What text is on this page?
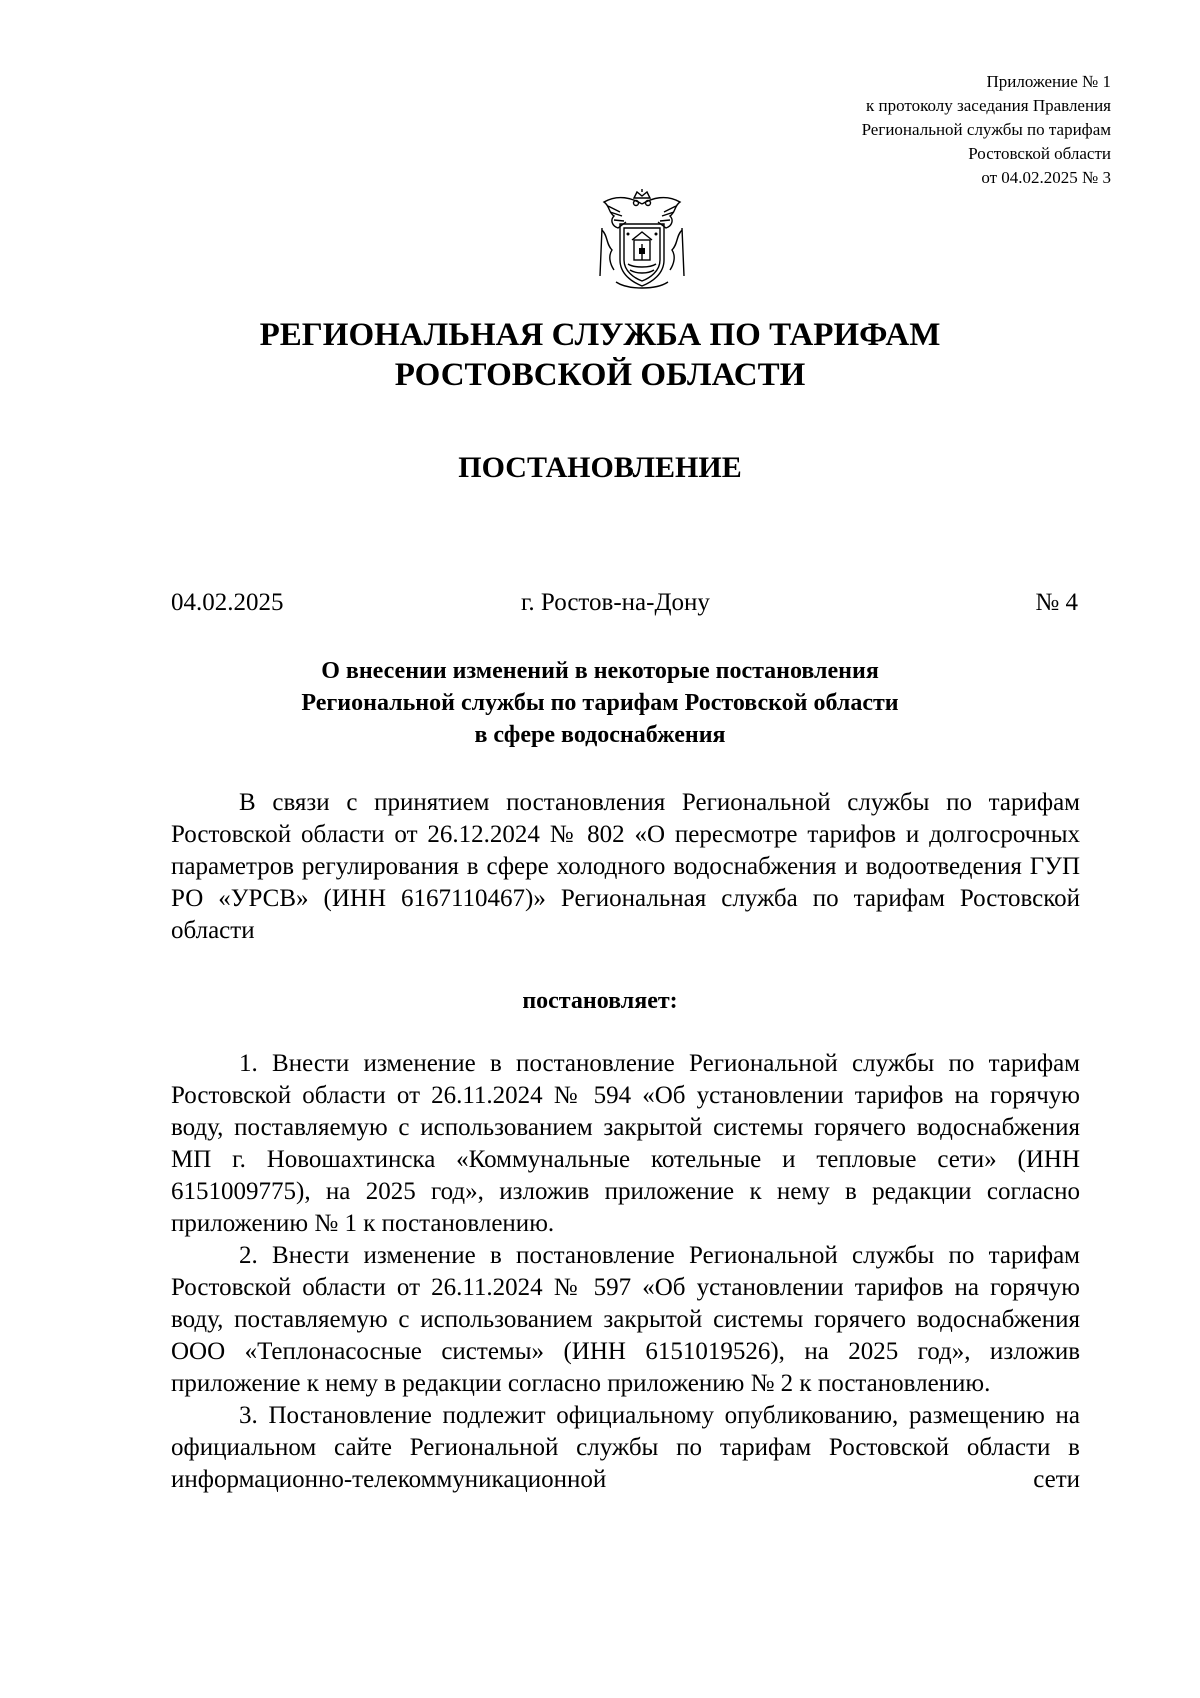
Приложение № 1
к протоколу заседания Правления
Региональной службы по тарифам
Ростовской области
от 04.02.2025 № 3
РЕГИОНАЛЬНАЯ СЛУЖБА ПО ТАРИФАМ
РОСТОВСКОЙ ОБЛАСТИ
ПОСТАНОВЛЕНИЕ
04.02.2025	г. Ростов-на-Дону	№ 4
О внесении изменений в некоторые постановления
Региональной службы по тарифам Ростовской области
в сфере водоснабжения

В связи с принятием постановления Региональной службы по тарифам Ростовской области от 26.12.2024 № 802 «О пересмотре тарифов и долгосрочных параметров регулирования в сфере холодного водоснабжения и водоотведения ГУП РО «УРСВ» (ИНН 6167110467)» Региональная служба по тарифам Ростовской области

постановляет:

1. Внести изменение в постановление Региональной службы по тарифам Ростовской области от 26.11.2024 № 594 «Об установлении тарифов на горячую воду, поставляемую с использованием закрытой системы горячего водоснабжения МП г. Новошахтинска «Коммунальные котельные и тепловые сети» (ИНН 6151009775), на 2025 год», изложив приложение к нему в редакции согласно приложению № 1 к постановлению.

2. Внести изменение в постановление Региональной службы по тарифам Ростовской области от 26.11.2024 № 597 «Об установлении тарифов на горячую воду, поставляемую с использованием закрытой системы горячего водоснабжения ООО «Теплонасосные системы» (ИНН 6151019526), на 2025 год», изложив приложение к нему в редакции согласно приложению № 2 к постановлению.

3. Постановление подлежит официальному опубликованию, размещению на официальном сайте Региональной службы по тарифам Ростовской области в информационно-телекоммуникационной сети
